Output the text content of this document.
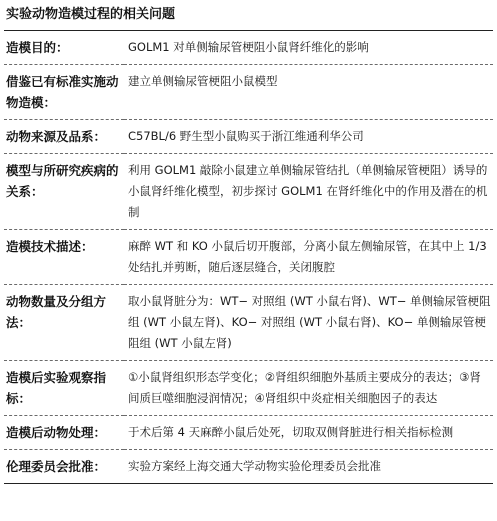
实验动物造模过程的相关问题
造模目的：	GOLM1 对单侧输尿管梗阻小鼠肾纤维化的影响
借鉴已有标准实施动物造模：	建立单侧输尿管梗阻小鼠模型
动物来源及品系：	C57BL/6 野生型小鼠购买于浙江维通利华公司
模型与所研究疾病的关系：	利用 GOLM1 敲除小鼠建立单侧输尿管结扎（单侧输尿管梗阻）诱导的小鼠肾纤维化模型，初步探讨 GOLM1 在肾纤维化中的作用及潜在的机制
造模技术描述：	麻醉 WT 和 KO 小鼠后切开腹部，分离小鼠左侧输尿管，在其中上 1/3 处结扎并剪断，随后逐层缝合，关闭腹腔
动物数量及分组方法：	取小鼠肾脏分为：WT− 对照组 (WT 小鼠右肾)、WT− 单侧输尿管梗阻组 (WT 小鼠左肾)、KO− 对照组 (WT 小鼠右肾)、KO− 单侧输尿管梗阻组 (WT 小鼠左肾)
造模后实验观察指标：	①小鼠肾组织形态学变化；②肾组织细胞外基质主要成分的表达；③肾间质巨噬细胞浸润情况；④肾组织中炎症相关细胞因子的表达
造模后动物处理：	于术后第 4 天麻醉小鼠后处死，切取双侧肾脏进行相关指标检测
伦理委员会批准：	实验方案经上海交通大学动物实验伦理委员会批准
